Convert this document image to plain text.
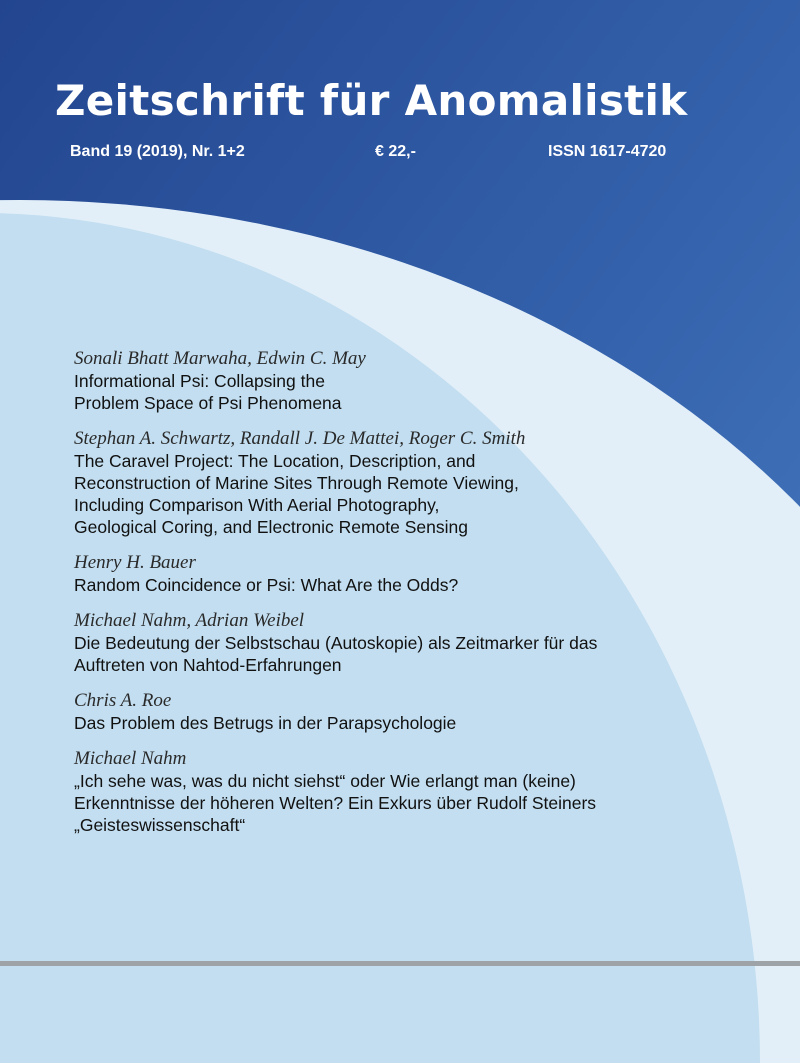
Zeitschrift für Anomalistik

Band 19 (2019), Nr. 1+2	€ 22,-	ISSN 1617-4720

Sonali Bhatt Marwaha, Edwin C. May
Informational Psi: Collapsing the
Problem Space of Psi Phenomena
Stephan A. Schwartz, Randall J. De Mattei, Roger C. Smith
The Caravel Project: The Location, Description, and
Reconstruction of Marine Sites Through Remote Viewing,
Including Comparison With Aerial Photography,
Geological Coring, and Electronic Remote Sensing
Henry H. Bauer
Random Coincidence or Psi: What Are the Odds?
Michael Nahm, Adrian Weibel
Die Bedeutung der Selbstschau (Autoskopie) als Zeitmarker für das
Auftreten von Nahtod-Erfahrungen
Chris A. Roe
Das Problem des Betrugs in der Parapsychologie
Michael Nahm
„Ich sehe was, was du nicht siehst“ oder Wie erlangt man (keine)
Erkenntnisse der höheren Welten? Ein Exkurs über Rudolf Steiners
„Geisteswissenschaft“
